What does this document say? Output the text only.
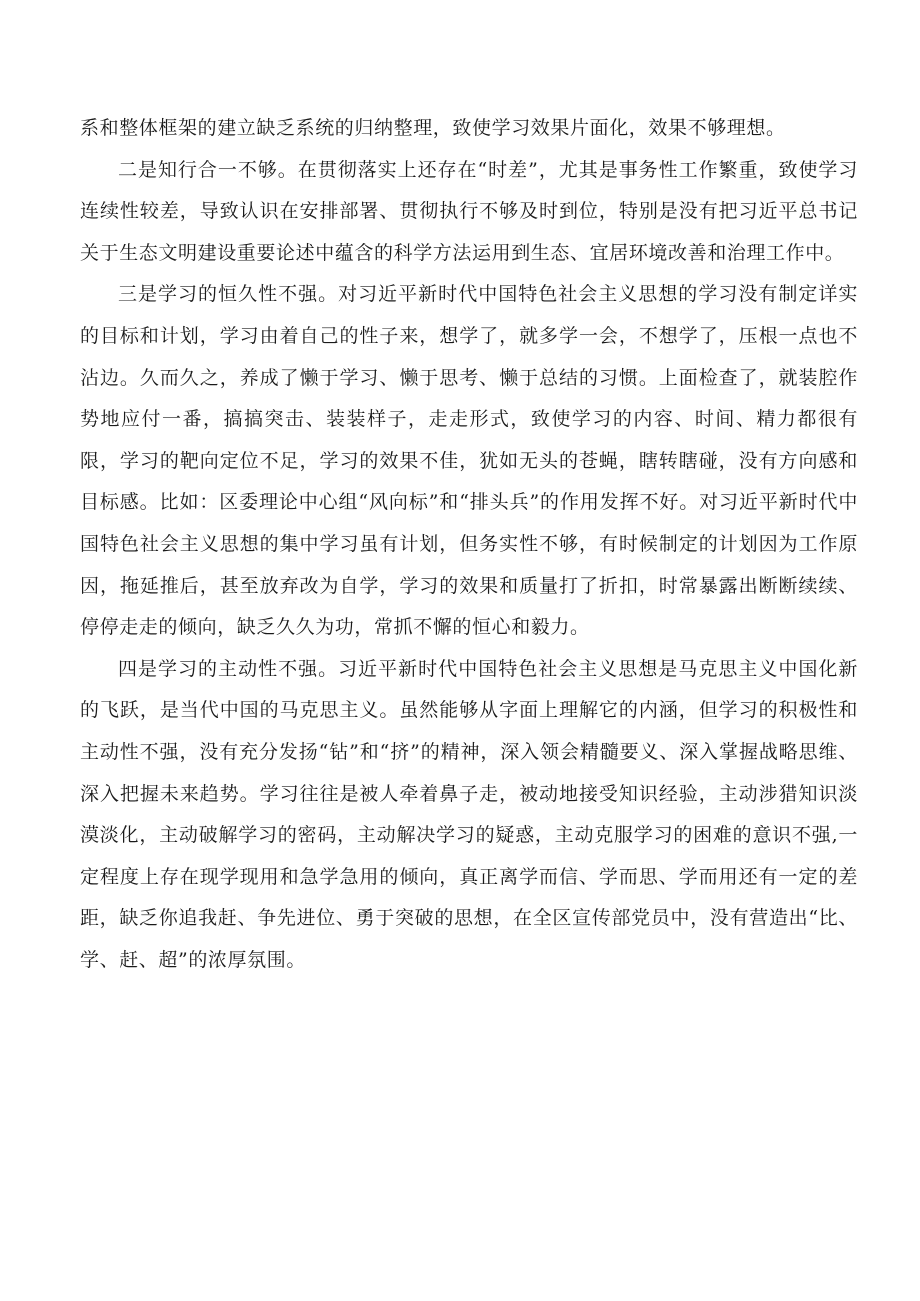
系和整体框架的建立缺乏系统的归纳整理，致使学习效果片面化，效果不够理想。

二是知行合一不够。在贯彻落实上还存在“时差”，尤其是事务性工作繁重，致使学习连续性较差，导致认识在安排部署、贯彻执行不够及时到位，特别是没有把习近平总书记关于生态文明建设重要论述中蕴含的科学方法运用到生态、宜居环境改善和治理工作中。

三是学习的恒久性不强。对习近平新时代中国特色社会主义思想的学习没有制定详实的目标和计划，学习由着自己的性子来，想学了，就多学一会，不想学了，压根一点也不沾边。久而久之，养成了懒于学习、懒于思考、懒于总结的习惯。上面检查了，就装腔作势地应付一番，搞搞突击、装装样子，走走形式，致使学习的内容、时间、精力都很有限，学习的靶向定位不足，学习的效果不佳，犹如无头的苍蝇，瞎转瞎碰，没有方向感和目标感。比如：区委理论中心组“风向标”和“排头兵”的作用发挥不好。对习近平新时代中国特色社会主义思想的集中学习虽有计划，但务实性不够，有时候制定的计划因为工作原因，拖延推后，甚至放弃改为自学，学习的效果和质量打了折扣，时常暴露出断断续续、停停走走的倾向，缺乏久久为功，常抓不懈的恒心和毅力。

四是学习的主动性不强。习近平新时代中国特色社会主义思想是马克思主义中国化新的飞跃，是当代中国的马克思主义。虽然能够从字面上理解它的内涵，但学习的积极性和主动性不强，没有充分发扬“钻”和“挤”的精神，深入领会精髓要义、深入掌握战略思维、深入把握未来趋势。学习往往是被人牵着鼻子走，被动地接受知识经验，主动涉猎知识淡漠淡化，主动破解学习的密码，主动解决学习的疑惑，主动克服学习的困难的意识不强,一定程度上存在现学现用和急学急用的倾向，真正离学而信、学而思、学而用还有一定的差距，缺乏你追我赶、争先进位、勇于突破的思想，在全区宣传部党员中，没有营造出“比、学、赶、超”的浓厚氛围。
